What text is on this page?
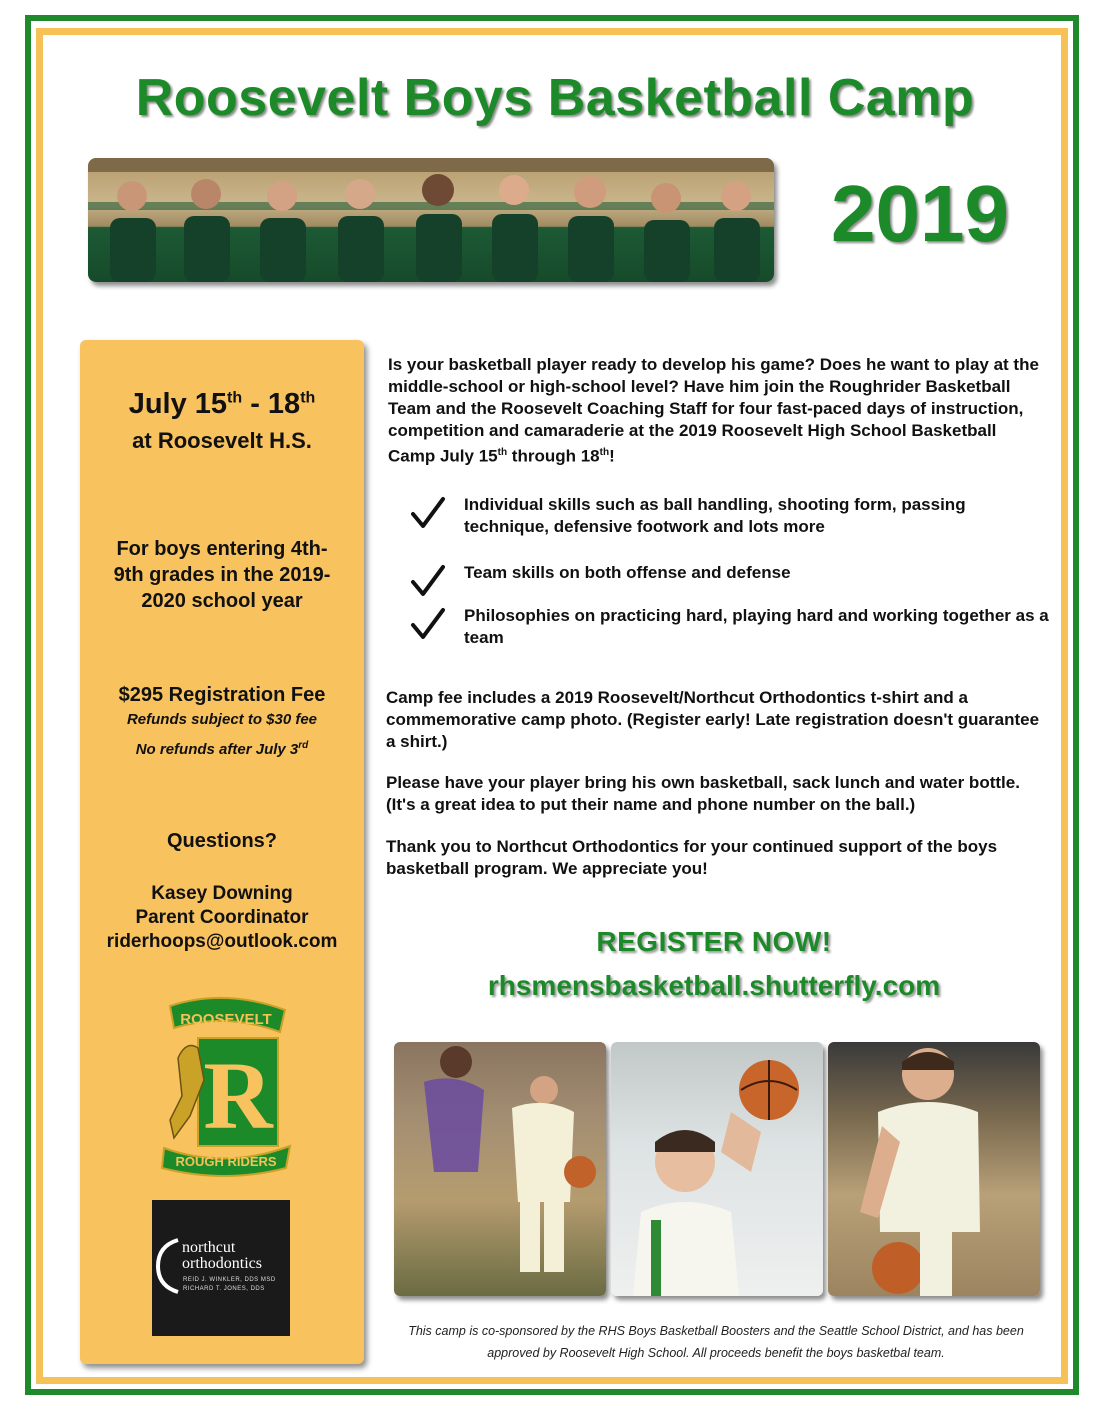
Roosevelt Boys Basketball Camp
2019
July 15th - 18th
at Roosevelt H.S.
For boys entering 4th-9th grades in the 2019-2020 school year
$295 Registration Fee
Refunds subject to $30 fee
No refunds after July 3rd
Questions?
Kasey Downing
Parent Coordinator
riderhoops@outlook.com
ROOSEVELT
R
ROUGH RIDERS
northcut
orthodontics
REID J. WINKLER, DDS MSD
RICHARD T. JONES, DDS

Is your basketball player ready to develop his game? Does he want to play at the middle-school or high-school level? Have him join the Roughrider Basketball Team and the Roosevelt Coaching Staff for four fast-paced days of instruction, competition and camaraderie at the 2019 Roosevelt High School Basketball Camp July 15th through 18th!

Individual skills such as ball handling, shooting form, passing technique, defensive footwork and lots more
Team skills on both offense and defense
Philosophies on practicing hard, playing hard and working together as a team

Camp fee includes a 2019 Roosevelt/Northcut Orthodontics t-shirt and a commemorative camp photo. (Register early! Late registration doesn't guarantee a shirt.)

Please have your player bring his own basketball, sack lunch and water bottle. (It's a great idea to put their name and phone number on the ball.)

Thank you to Northcut Orthodontics for your continued support of the boys basketball program. We appreciate you!

REGISTER NOW!
rhsmensbasketball.shutterfly.com

This camp is co-sponsored by the RHS Boys Basketball Boosters and the Seattle School District, and has been approved by Roosevelt High School. All proceeds benefit the boys basketbal team.
